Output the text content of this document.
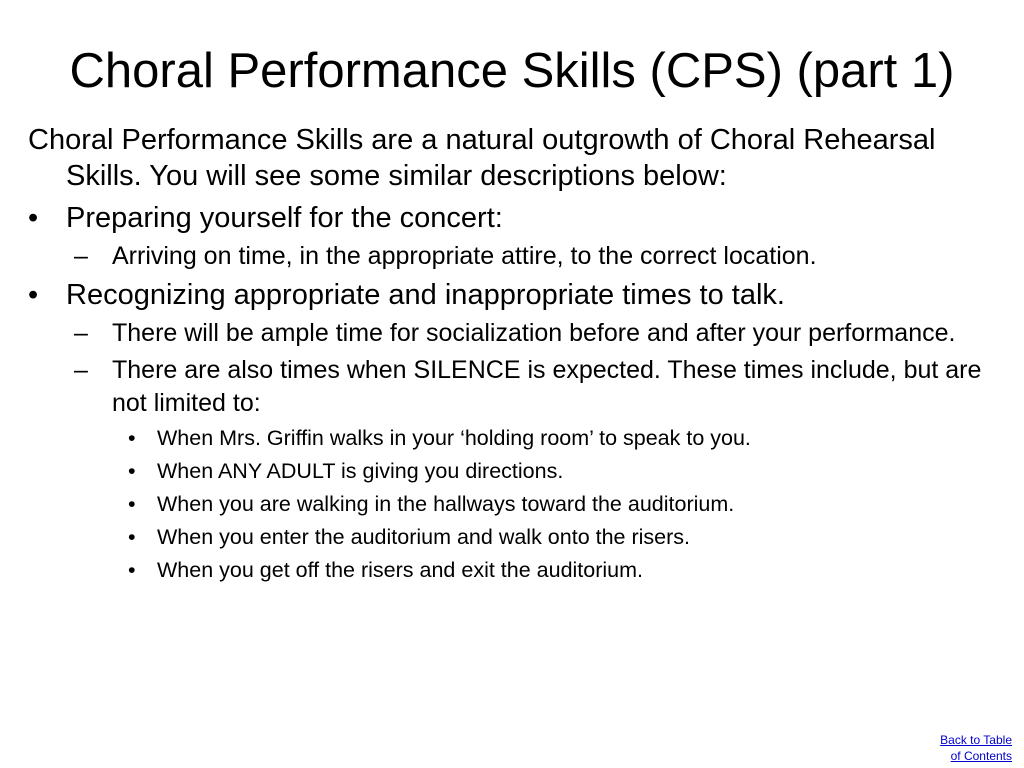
Choral Performance Skills (CPS) (part 1)
Choral Performance Skills are a natural outgrowth of Choral Rehearsal Skills. You will see some similar descriptions below:
• Preparing yourself for the concert:
– Arriving on time, in the appropriate attire, to the correct location.
• Recognizing appropriate and inappropriate times to talk.
– There will be ample time for socialization before and after your performance.
– There are also times when SILENCE is expected. These times include, but are not limited to:
• When Mrs. Griffin walks in your ‘holding room’ to speak to you.
• When ANY ADULT is giving you directions.
• When you are walking in the hallways toward the auditorium.
• When you enter the auditorium and walk onto the risers.
• When you get off the risers and exit the auditorium.
Back to Table
of Contents
